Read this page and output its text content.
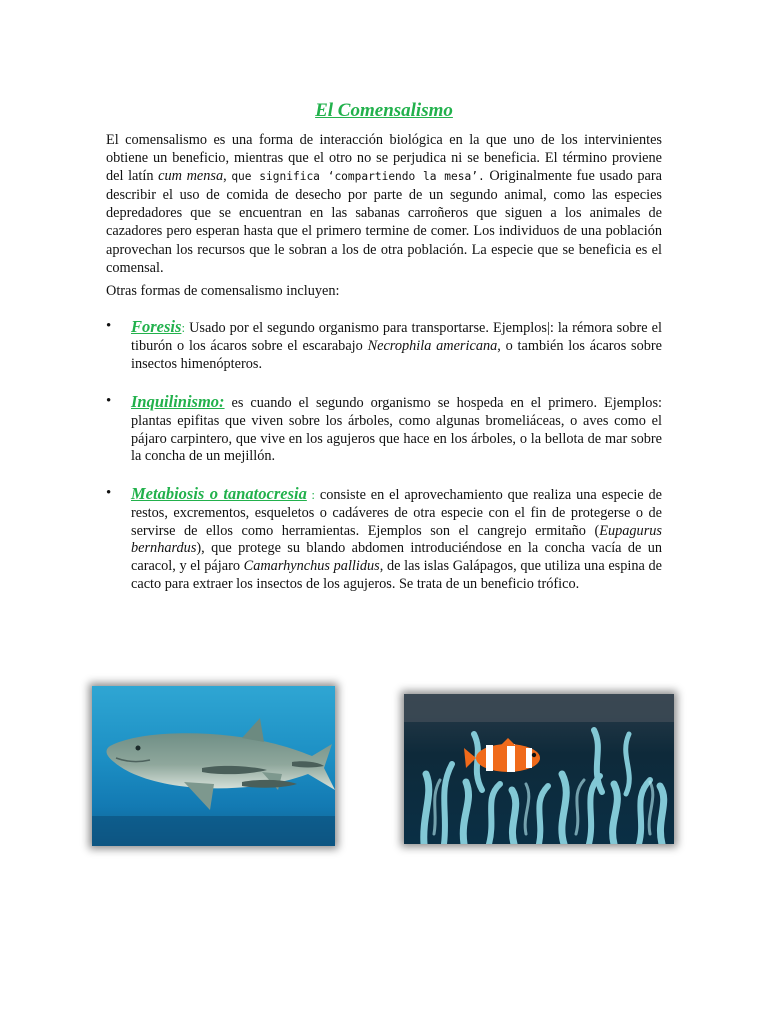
El Comensalismo

El comensalismo es una forma de interacción biológica en la que uno de los intervinientes obtiene un beneficio, mientras que el otro no se perjudica ni se beneficia. El término proviene del latín cum mensa, que significa ‘compartiendo la mesa’. Originalmente fue usado para describir el uso de comida de desecho por parte de un segundo animal, como las especies depredadores que se encuentran en las sabanas carroñeros que siguen a los animales de cazadores pero esperan hasta que el primero termine de comer. Los individuos de una población aprovechan los recursos que le sobran a los de otra población. La especie que se beneficia es el comensal.

Otras formas de comensalismo incluyen:

•	Foresis: Usado por el segundo organismo para transportarse. Ejemplos|: la rémora sobre el tiburón o los ácaros sobre el escarabajo Necrophila americana, o también los ácaros sobre insectos himenópteros.
•	Inquilinismo: es cuando el segundo organismo se hospeda en el primero. Ejemplos: plantas epifitas que viven sobre los árboles, como algunas bromeliáceas, o aves como el pájaro carpintero, que vive en los agujeros que hace en los árboles, o la bellota de mar sobre la concha de un mejillón.
•	Metabiosis o tanatocresia : consiste en el aprovechamiento que realiza una especie de restos, excrementos, esqueletos o cadáveres de otra especie con el fin de protegerse o de servirse de ellos como herramientas. Ejemplos son el cangrejo ermitaño (Eupagurus bernhardus), que protege su blando abdomen introduciéndose en la concha vacía de un caracol, y el pájaro Camarhynchus pallidus, de las islas Galápagos, que utiliza una espina de cacto para extraer los insectos de los agujeros. Se trata de un beneficio trófico.
